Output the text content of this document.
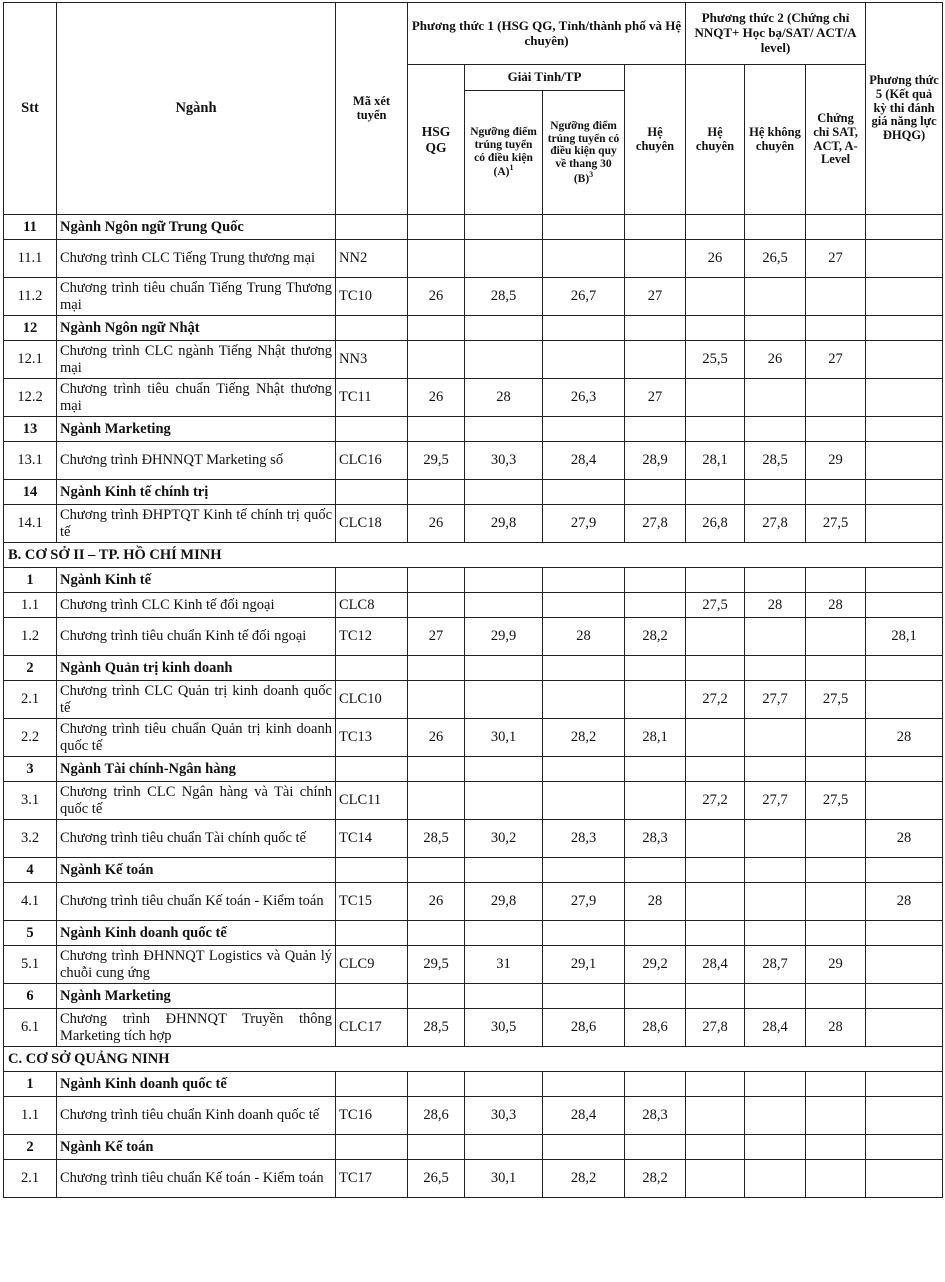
Stt	Ngành	Mã xét tuyển	Phương thức 1 (HSG QG, Tỉnh/thành phố và Hệ chuyên)				Phương thức 2 (Chứng chỉ NNQT+ Học bạ/SAT/ ACT/A level)			Phương thức 5 (Kết quả kỳ thi đánh giá năng lực ĐHQG)
			HSG QG	Giải Tỉnh/TP		Hệ chuyên	Hệ chuyên	Hệ không chuyên	Chứng chỉ SAT, ACT, A-Level	
				Ngưỡng điểm trúng tuyển có điều kiện $(A)^1$	Ngưỡng điểm trúng tuyển có điều kiện quy về thang 30 $(B)^3$
11	Ngành Ngôn ngữ Trung Quốc									
11.1	Chương trình CLC Tiếng Trung thương mại	NN2					26	26,5	27	
11.2	Chương trình tiêu chuẩn Tiếng Trung Thương mại	TC10	26	28,5	26,7	27				
12	Ngành Ngôn ngữ Nhật									
12.1	Chương trình CLC ngành Tiếng Nhật thương mại	NN3					25,5	26	27	
12.2	Chương trình tiêu chuẩn Tiếng Nhật thương mại	TC11	26	28	26,3	27				
13	Ngành Marketing									
13.1	Chương trình ĐHNNQT Marketing số	CLC16	29,5	30,3	28,4	28,9	28,1	28,5	29	
14	Ngành Kinh tế chính trị									
14.1	Chương trình ĐHPTQT Kinh tế chính trị quốc tế	CLC18	26	29,8	27,9	27,8	26,8	27,8	27,5	
B. CƠ SỞ II – TP. HỒ CHÍ MINH										
1	Ngành Kinh tế									
1.1	Chương trình CLC Kinh tế đối ngoại	CLC8					27,5	28	28	
1.2	Chương trình tiêu chuẩn Kinh tế đối ngoại	TC12	27	29,9	28	28,2				28,1
2	Ngành Quản trị kinh doanh									
2.1	Chương trình CLC Quản trị kinh doanh quốc tế	CLC10					27,2	27,7	27,5	
2.2	Chương trình tiêu chuẩn Quản trị kinh doanh quốc tế	TC13	26	30,1	28,2	28,1				28
3	Ngành Tài chính-Ngân hàng									
3.1	Chương trình CLC Ngân hàng và Tài chính quốc tế	CLC11					27,2	27,7	27,5	
3.2	Chương trình tiêu chuẩn Tài chính quốc tế	TC14	28,5	30,2	28,3	28,3				28
4	Ngành Kế toán									
4.1	Chương trình tiêu chuẩn Kế toán - Kiểm toán	TC15	26	29,8	27,9	28				28
5	Ngành Kinh doanh quốc tế									
5.1	Chương trình ĐHNNQT Logistics và Quản lý chuỗi cung ứng	CLC9	29,5	31	29,1	29,2	28,4	28,7	29	
6	Ngành Marketing									
6.1	Chương trình ĐHNNQT Truyền thông Marketing tích hợp	CLC17	28,5	30,5	28,6	28,6	27,8	28,4	28	
C. CƠ SỞ QUẢNG NINH										
1	Ngành Kinh doanh quốc tế									
1.1	Chương trình tiêu chuẩn Kinh doanh quốc tế	TC16	28,6	30,3	28,4	28,3				
2	Ngành Kế toán									
2.1	Chương trình tiêu chuẩn Kế toán - Kiểm toán	TC17	26,5	30,1	28,2	28,2				
